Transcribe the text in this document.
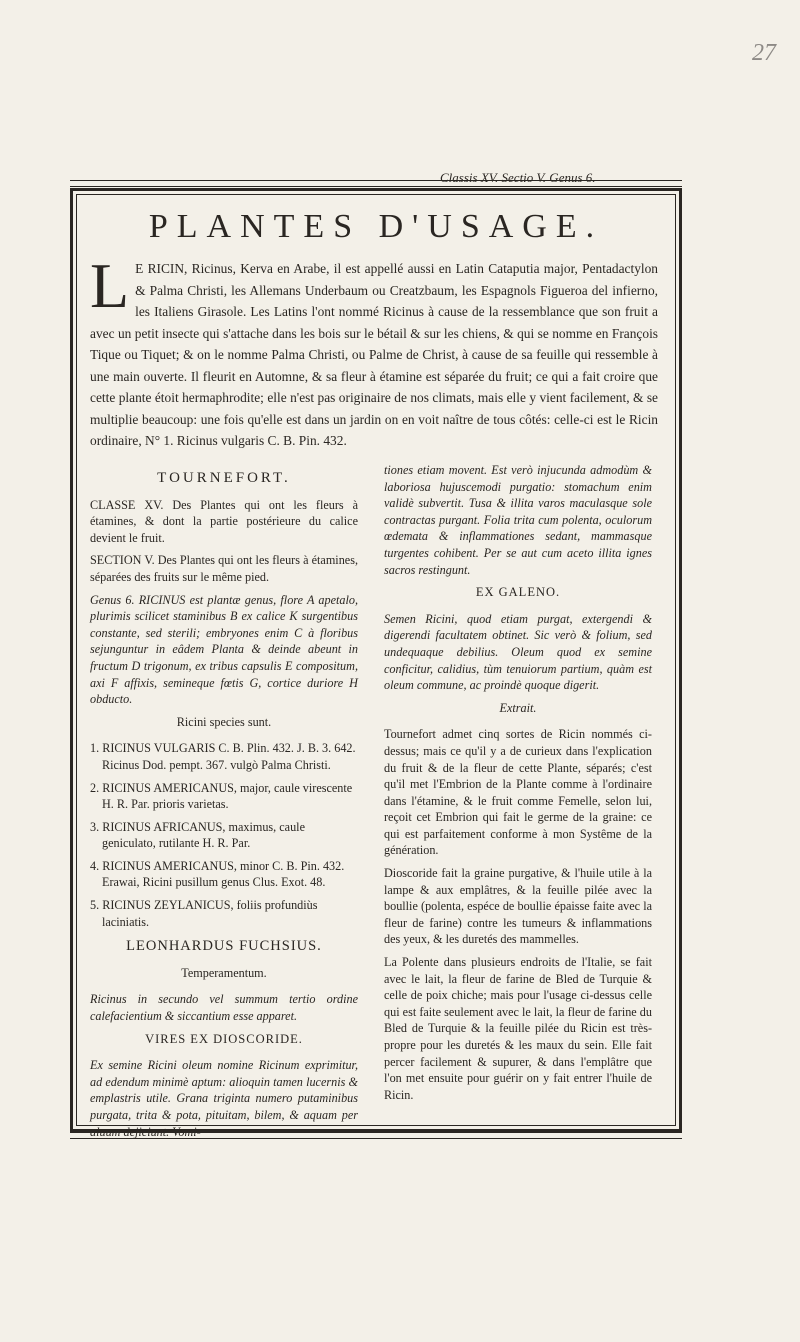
27
Classis XV. Sectio V. Genus 6.
PLANTES D'USAGE.

L E RICIN, Ricinus, Kerva en Arabe, il est appellé aussi en Latin Cataputia major, Pentadactylon & Palma Christi, les Allemans Underbaum ou Creatzbaum, les Espagnols Figueroa del infierno, les Italiens Girasole. Les Latins l'ont nommé Ricinus à cause de la ressemblance que son fruit a avec un petit insecte qui s'attache dans les bois sur le bétail & sur les chiens, & qui se nomme en François Tique ou Tiquet; & on le nomme Palma Christi, ou Palme de Christ, à cause de sa feuille qui ressemble à une main ouverte. Il fleurit en Automne, & sa fleur à étamine est séparée du fruit; ce qui a fait croire que cette plante étoit hermaphrodite; elle n'est pas originaire de nos climats, mais elle y vient facilement, & se multiplie beaucoup: une fois qu'elle est dans un jardin on en voit naître de tous côtés: celle-ci est le Ricin ordinaire, N° 1. Ricinus vulgaris C. B. Pin. 432.

TOURNEFORT.

CLASSE XV. Des Plantes qui ont les fleurs à étamines, & dont la partie postérieure du calice devient le fruit.

SECTION V. Des Plantes qui ont les fleurs à étamines, séparées des fruits sur le même pied.

Genus 6. RICINUS est plantæ genus, flore A apetalo, plurimis scilicet staminibus B ex calice K surgentibus constante, sed sterili; embryones enim C à floribus sejunguntur in eâdem Planta & deinde abeunt in fructum D trigonum, ex tribus capsulis E compositum, axi F affixis, semineque fœtis G, cortice duriore H obducto.

Ricini species sunt.

1. RICINUS VULGARIS C. B. Plin. 432. J. B. 3. 642. Ricinus Dod. pempt. 367. vulgò Palma Christi.

2. RICINUS AMERICANUS, major, caule virescente H. R. Par. prioris varietas.

3. RICINUS AFRICANUS, maximus, caule geniculato, rutilante H. R. Par.

4. RICINUS AMERICANUS, minor C. B. Pin. 432. Erawai, Ricini pusillum genus Clus. Exot. 48.

5. RICINUS ZEYLANICUS, foliis profundiùs laciniatis.

LEONHARDUS FUCHSIUS.
Temperamentum.

Ricinus in secundo vel summum tertio ordine calefacientium & siccantium esse apparet.

VIRES EX DIOSCORIDE.

Ex semine Ricini oleum nomine Ricinum exprimitur, ad edendum minimè aptum: alioquin tamen lucernis & emplastris utile. Grana triginta numero putaminibus purgata, trita & pota, pituitam, bilem, & aquam per aluum dejiciunt. Vomi-

tiones etiam movent. Est verò injucunda admodùm & laboriosa hujuscemodi purgatio: stomachum enim validè subvertit. Tusa & illita varos maculasque sole contractas purgant. Folia trita cum polenta, oculorum œdemata & inflammationes sedant, mammasque turgentes cohibent. Per se aut cum aceto illita ignes sacros restingunt.

EX GALENO.

Semen Ricini, quod etiam purgat, extergendi & digerendi facultatem obtinet. Sic verò & folium, sed undequaque debilius. Oleum quod ex semine conficitur, calidius, tùm tenuiorum partium, quàm est oleum commune, ac proindè quoque digerit.

Extrait.

Tournefort admet cinq sortes de Ricin nommés ci-dessus; mais ce qu'il y a de curieux dans l'explication du fruit & de la fleur de cette Plante, séparés; c'est qu'il met l'Embrion de la Plante comme à l'ordinaire dans l'étamine, & le fruit comme Femelle, selon lui, reçoit cet Embrion qui fait le germe de la graine: ce qui est parfaitement conforme à mon Systême de la génération.

Dioscoride fait la graine purgative, & l'huile utile à la lampe & aux emplâtres, & la feuille pilée avec la boullie (polenta, espéce de boullie épaisse faite avec la fleur de farine) contre les tumeurs & inflammations des yeux, & les duretés des mammelles.

La Polente dans plusieurs endroits de l'Italie, se fait avec le lait, la fleur de farine de Bled de Turquie & celle de poix chiche; mais pour l'usage ci-dessus celle qui est faite seulement avec le lait, la fleur de farine du Bled de Turquie & la feuille pilée du Ricin est très-propre pour les duretés & les maux du sein. Elle fait percer facilement & supurer, & dans l'emplâtre que l'on met ensuite pour guérir on y fait entrer l'huile de Ricin.
